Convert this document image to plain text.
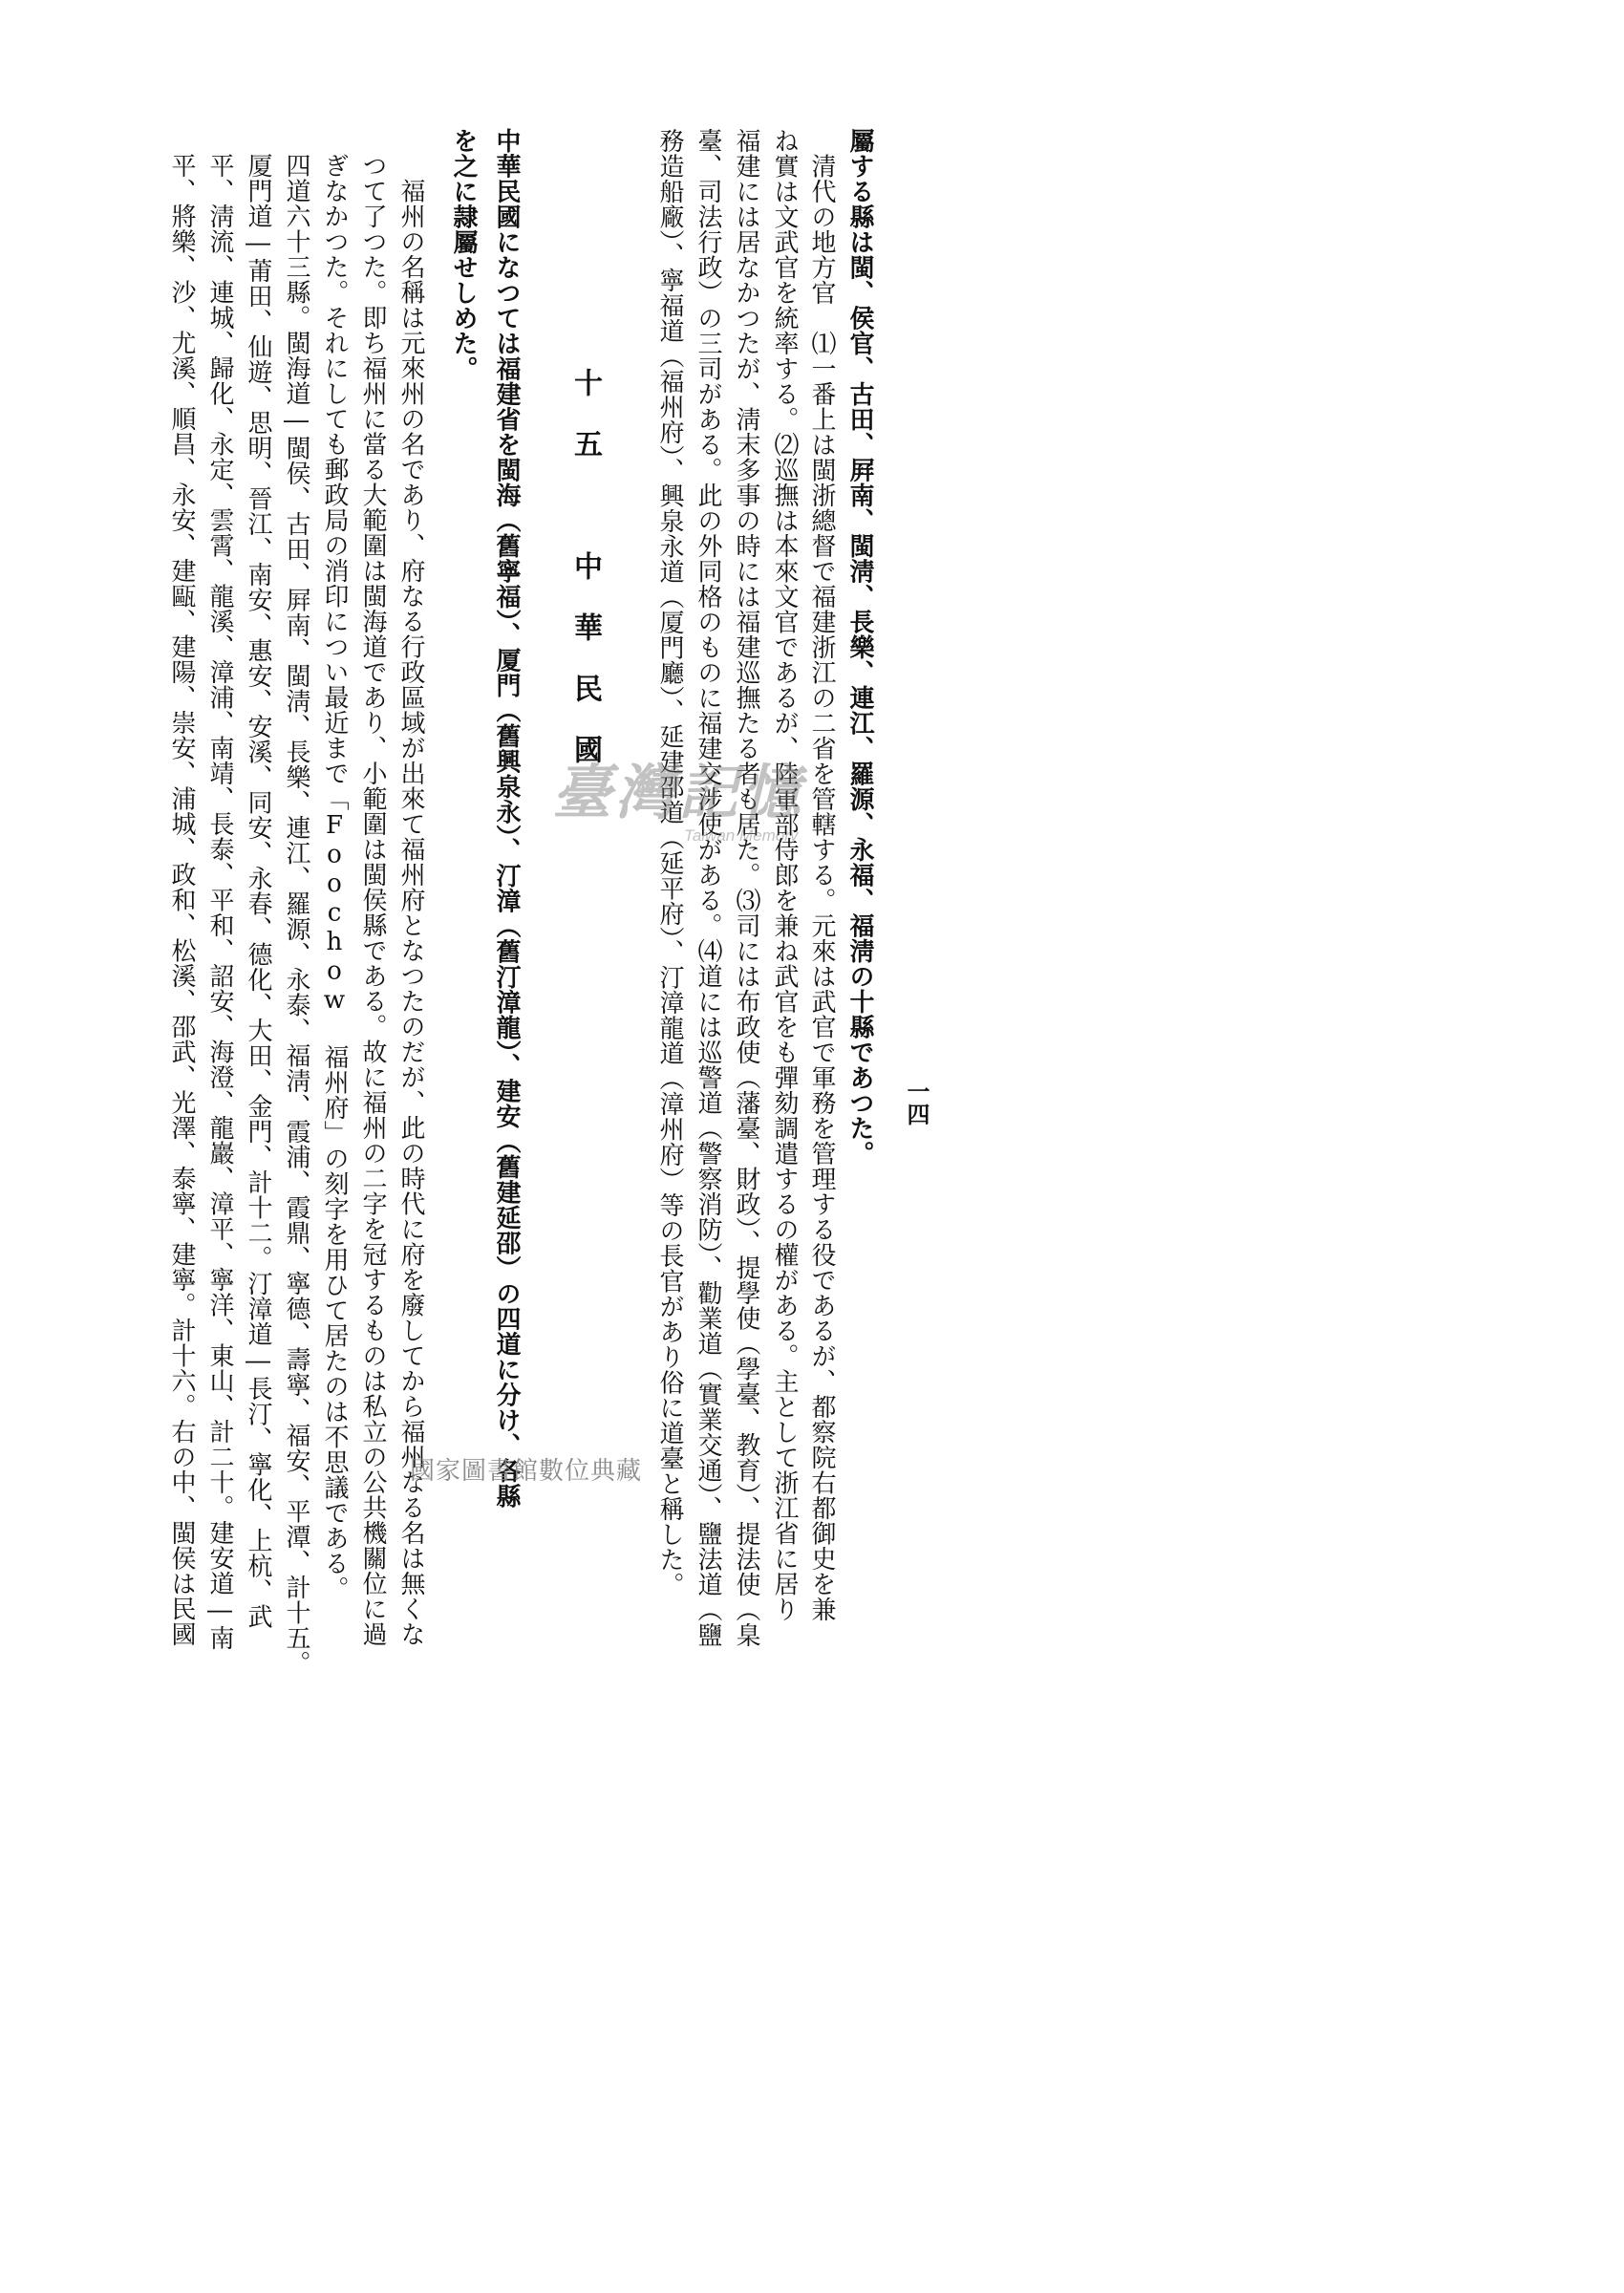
一四
屬する縣は閩、侯官、古田、屛南、閩淸、長樂、連江、羅源、永福、福淸の十縣であつた。
　清代の地方官　⑴一番上は閩浙總督で福建浙江の二省を管轄する。元來は武官で軍務を管理する役であるが、都察院右都御史を兼
ね實は文武官を統率する。⑵巡撫は本來文官であるが、陸軍部侍郎を兼ね武官をも彈劾調遣するの權がある。主として浙江省に居り
福建には居なかつたが、淸末多事の時には福建巡撫たる者も居た。⑶司には布政使（藩臺、財政）、提學使（學臺、教育）、提法使（臬
臺、司法行政）の三司がある。此の外同格のものに福建交涉使がある。⑷道には巡警道（警察消防）、勸業道（實業交通）、鹽法道（鹽
務造船廠）、寧福道（福州府）、興泉永道（厦門廳）、延建邵道（延平府）、汀漳龍道（漳州府）等の長官があり俗に道臺と稱した。
十五　中華民國
中華民國になつては福建省を閩海（舊寧福）、厦門（舊興泉永）、汀漳（舊汀漳龍）、建安（舊建延邵）の四道に分け、各縣
を之に隷屬せしめた。
　福州の名稱は元來州の名であり、府なる行政區域が出來て福州府となつたのだが、此の時代に府を廢してから福州なる名は無くな
つて了つた。即ち福州に當る大範圍は閩海道であり、小範圍は閩侯縣である。故に福州の二字を冠するものは私立の公共機關位に過
ぎなかつた。それにしても郵政局の消印につい最近まで「Foochow 福州府」の刻字を用ひて居たのは不思議である。
四道六十三縣。閩海道―閩侯、古田、屛南、閩淸、長樂、連江、羅源、永泰、福淸、霞浦、霞鼎、寧德、壽寧、福安、平潭、計十五。
厦門道―莆田、仙遊、思明、晉江、南安、惠安、安溪、同安、永春、德化、大田、金門、計十二。汀漳道―長汀、寧化、上杭、武
平、淸流、連城、歸化、永定、雲霄、龍溪、漳浦、南靖、長泰、平和、詔安、海澄、龍巖、漳平、寧洋、東山、計二十。建安道―南
平、將樂、沙、尤溪、順昌、永安、建甌、建陽、崇安、浦城、政和、松溪、邵武、光澤、泰寧、建寧。計十六。右の中、閩侯は民國	臺灣記憶
Taiwan Memory
國家圖書館數位典藏
